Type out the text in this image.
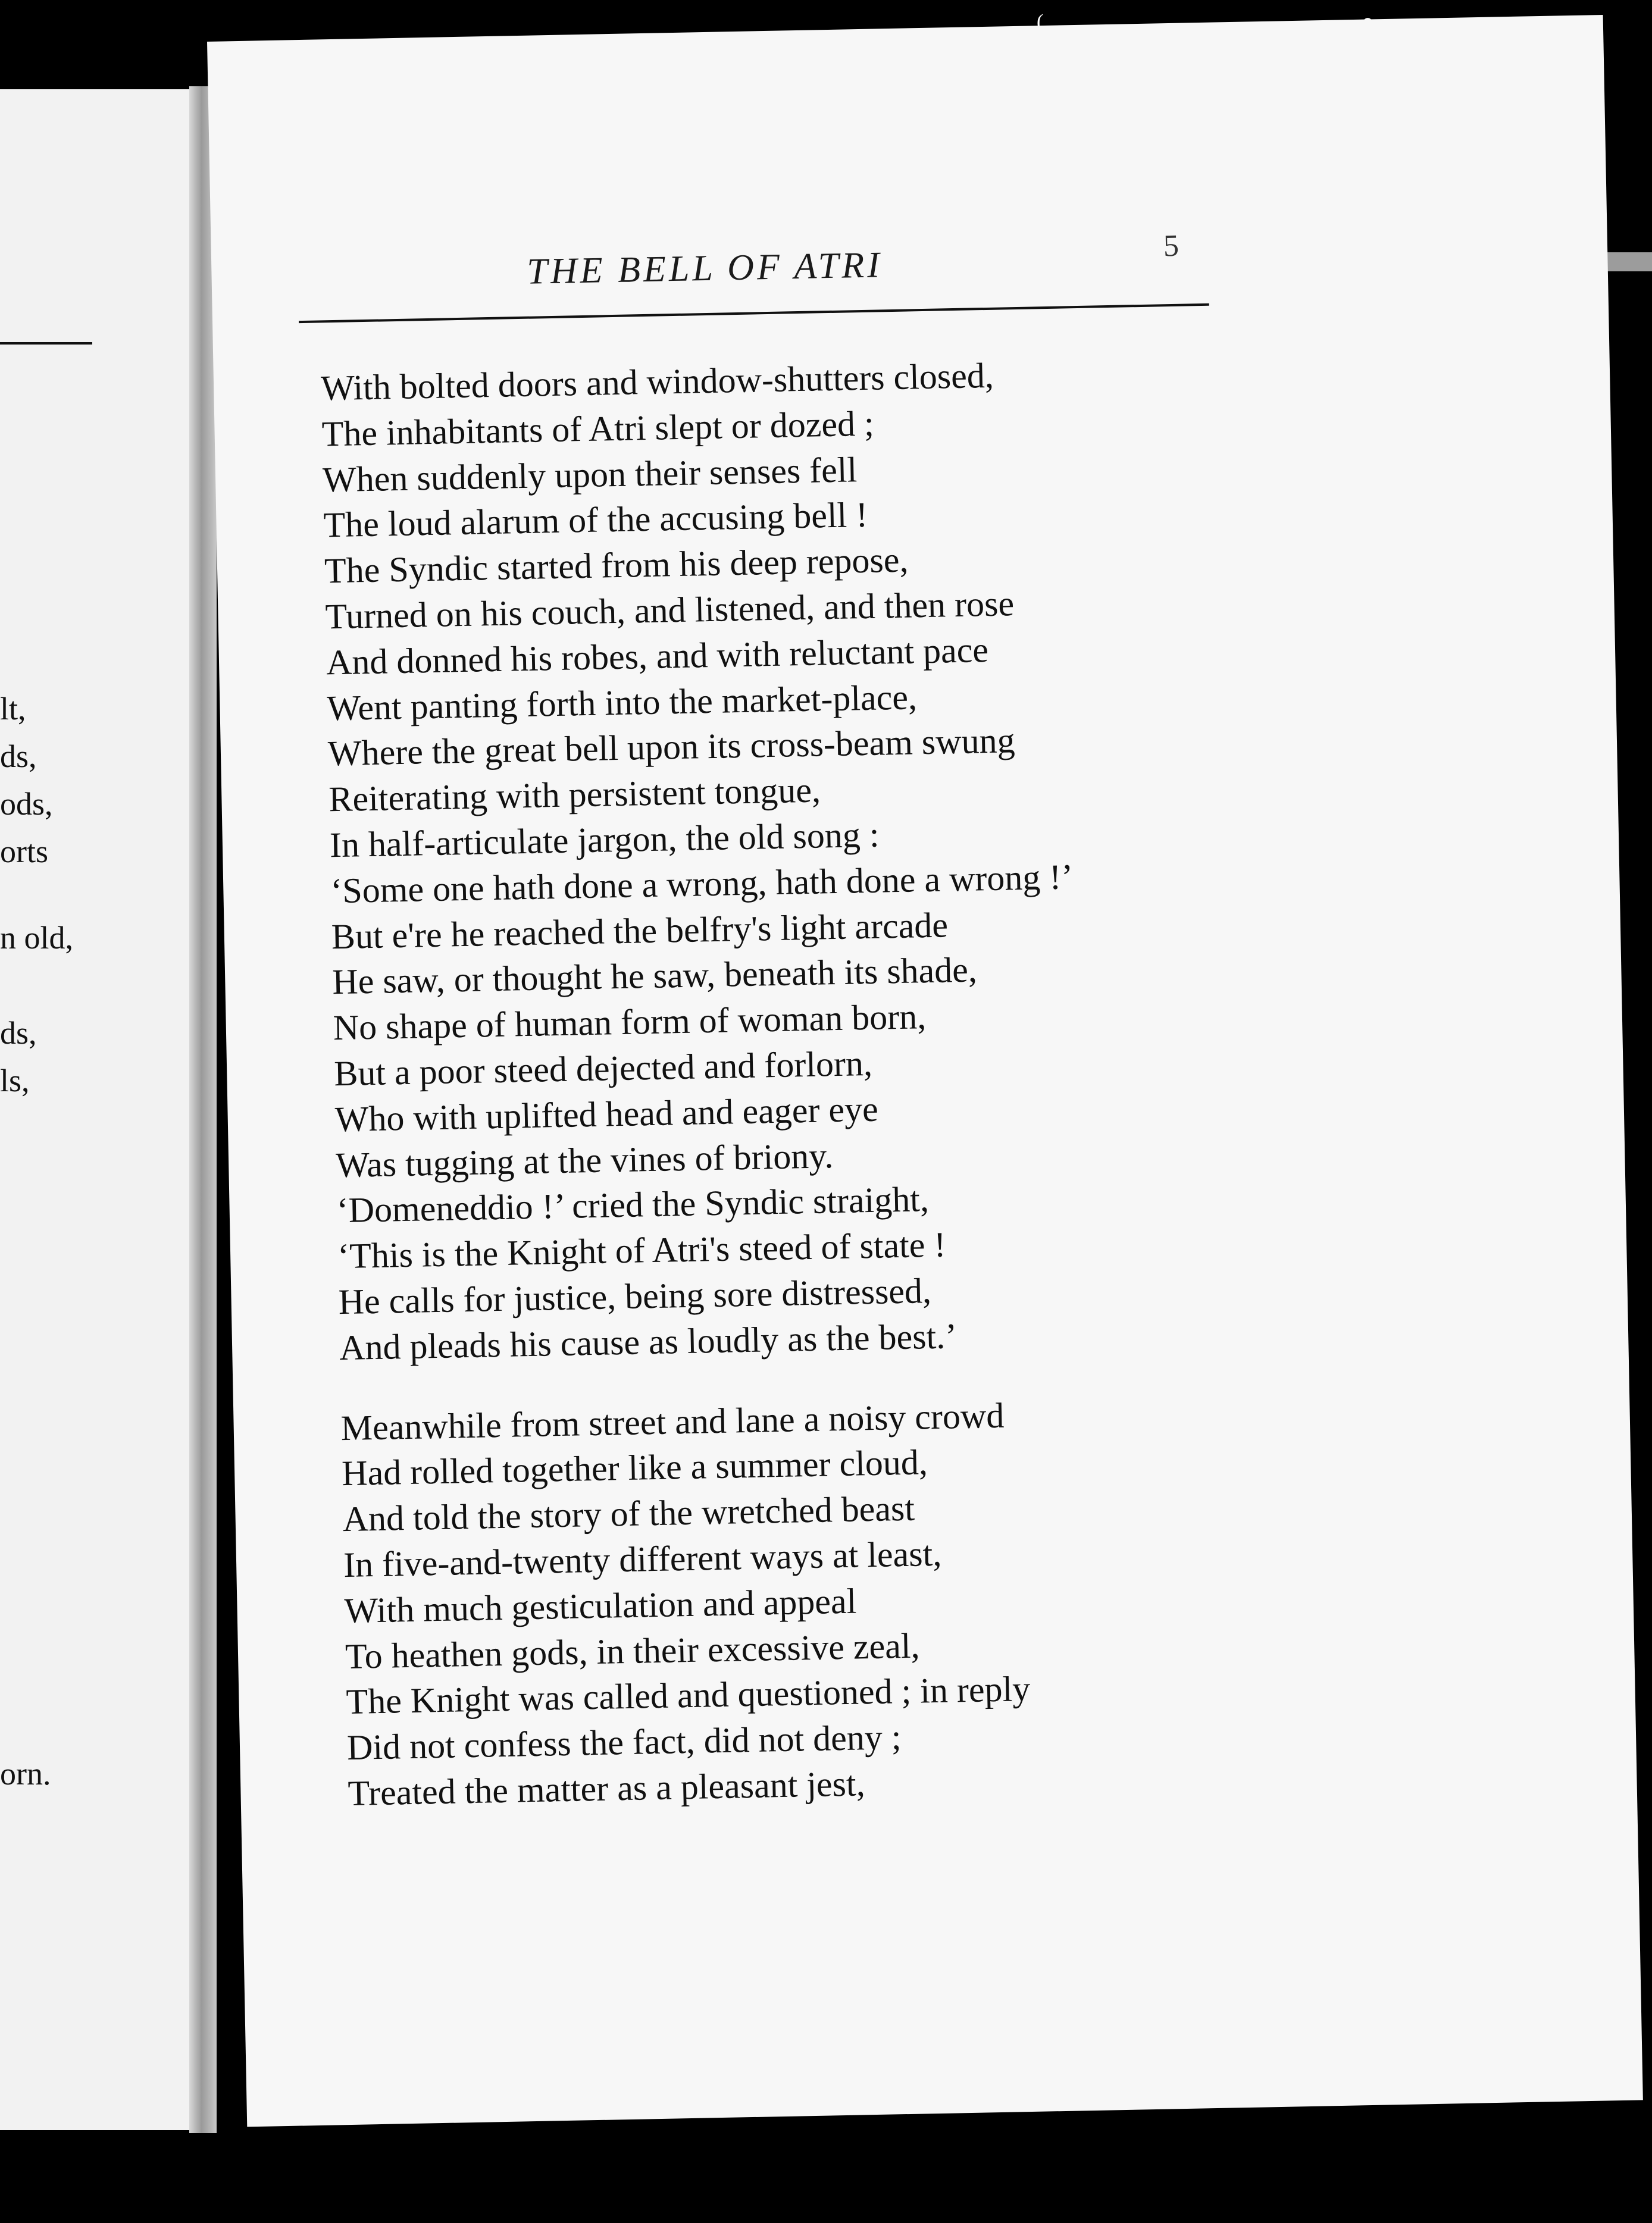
lt,
ds,
ods,
orts
n old,
ds,
ls,
orn.
(
THE BELL OF ATRI	5
With bolted doors and window-shutters closed,
The inhabitants of Atri slept or dozed ;
When suddenly upon their senses fell
The loud alarum of the accusing bell !
The Syndic started from his deep repose,
Turned on his couch, and listened, and then rose
And donned his robes, and with reluctant pace
Went panting forth into the market-place,
Where the great bell upon its cross-beam swung
Reiterating with persistent tongue,
In half-articulate jargon, the old song :
‘Some one hath done a wrong, hath done a wrong !’
But e're he reached the belfry's light arcade
He saw, or thought he saw, beneath its shade,
No shape of human form of woman born,
But a poor steed dejected and forlorn,
Who with uplifted head and eager eye
Was tugging at the vines of briony.
‘Domeneddio !’ cried the Syndic straight,
‘This is the Knight of Atri's steed of state !
He calls for justice, being sore distressed,
And pleads his cause as loudly as the best.’
Meanwhile from street and lane a noisy crowd
Had rolled together like a summer cloud,
And told the story of the wretched beast
In five-and-twenty different ways at least,
With much gesticulation and appeal
To heathen gods, in their excessive zeal,
The Knight was called and questioned ; in reply
Did not confess the fact, did not deny ;
Treated the matter as a pleasant jest,
